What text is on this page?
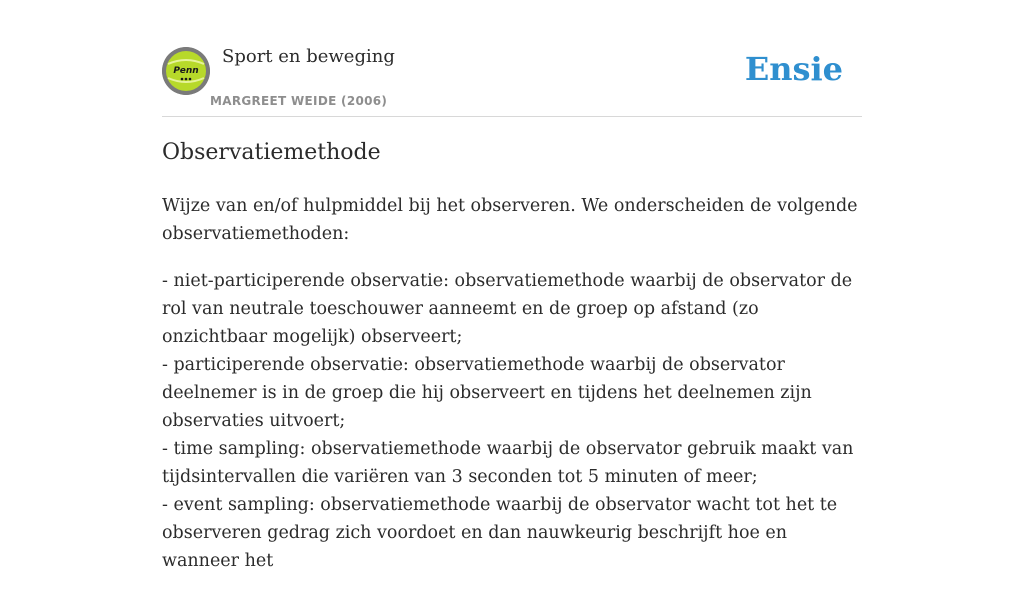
Penn
Sport en beweging
MARGREET WEIDE (2006)
Ensie
Observatiemethode

Wijze van en/of hulpmiddel bij het observeren. We onderscheiden de volgende observatiemethoden:

- niet-participerende observatie: observatiemethode waarbij de observator de rol van neutrale toeschouwer aanneemt en de groep op afstand (zo onzichtbaar mogelijk) observeert;
- participerende observatie: observatiemethode waarbij de observator deelnemer is in de groep die hij observeert en tijdens het deelnemen zijn observaties uitvoert;
- time sampling: observatiemethode waarbij de observator gebruik maakt van tijdsintervallen die variëren van 3 seconden tot 5 minuten of meer;
- event sampling: observatiemethode waarbij de observator wacht tot het te observeren gedrag zich voordoet en dan nauwkeurig beschrijft hoe en wanneer het
